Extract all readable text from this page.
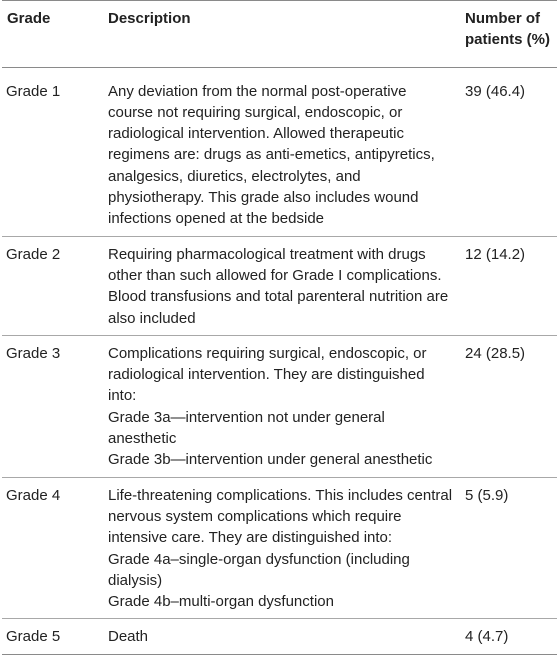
Grade	Description	Number of
patients (%)

Grade 1	Any deviation from the normal post-operative course not requiring surgical, endoscopic, or radiological intervention. Allowed therapeutic regimens are: drugs as anti-emetics, antipyretics, analgesics, diuretics, electrolytes, and physiotherapy. This grade also includes wound infections opened at the bedside	39 (46.4)
Grade 2	Requiring pharmacological treatment with drugs other than such allowed for Grade I complications. Blood transfusions and total parenteral nutrition are also included	12 (14.2)
Grade 3	Complications requiring surgical, endoscopic, or radiological intervention. They are distinguished into:
Grade 3a—intervention not under general anesthetic
Grade 3b—intervention under general anesthetic	24 (28.5)
Grade 4	Life-threatening complications. This includes central nervous system complications which require intensive care. They are distinguished into:
Grade 4a–single-organ dysfunction (including dialysis)
Grade 4b–multi-organ dysfunction	5 (5.9)
Grade 5	Death	4 (4.7)
